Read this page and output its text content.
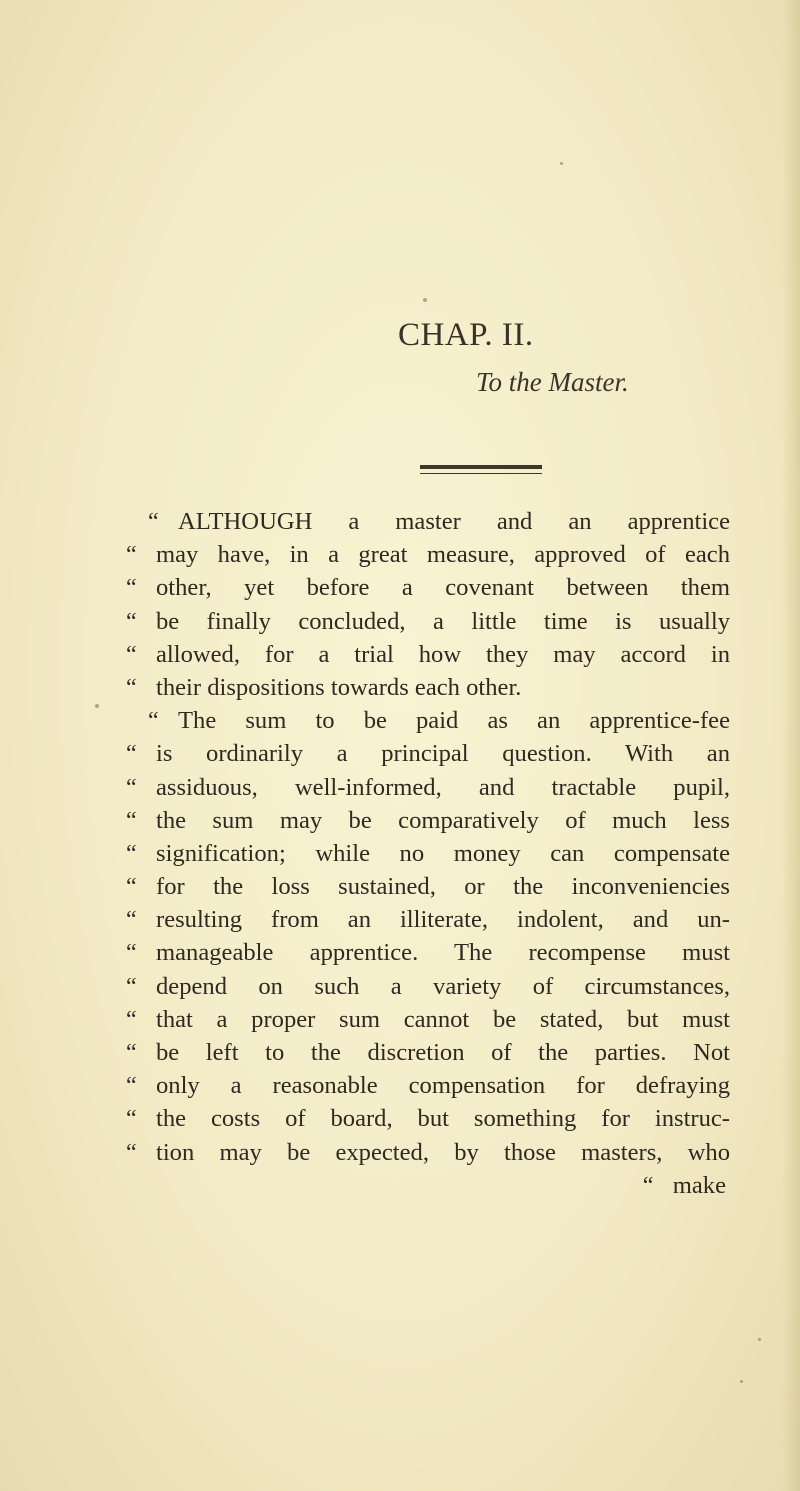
CHAP. II.
To the Master.
“ ALTHOUGH a master and an apprentice
“ may have, in a great measure, approved of each
“ other, yet before a covenant between them
“ be finally concluded, a little time is usually
“ allowed, for a trial how they may accord in
“ their dispositions towards each other.
“ The sum to be paid as an apprentice-fee
“ is ordinarily a principal question. With an
“ assiduous, well-informed, and tractable pupil,
“ the sum may be comparatively of much less
“ signification; while no money can compensate
“ for the loss sustained, or the inconveniencies
“ resulting from an illiterate, indolent, and un-
“ manageable apprentice. The recompense must
“ depend on such a variety of circumstances,
“ that a proper sum cannot be stated, but must
“ be left to the discretion of the parties. Not
“ only a reasonable compensation for defraying
“ the costs of board, but something for instruc-
“ tion may be expected, by those masters, who
“ make
